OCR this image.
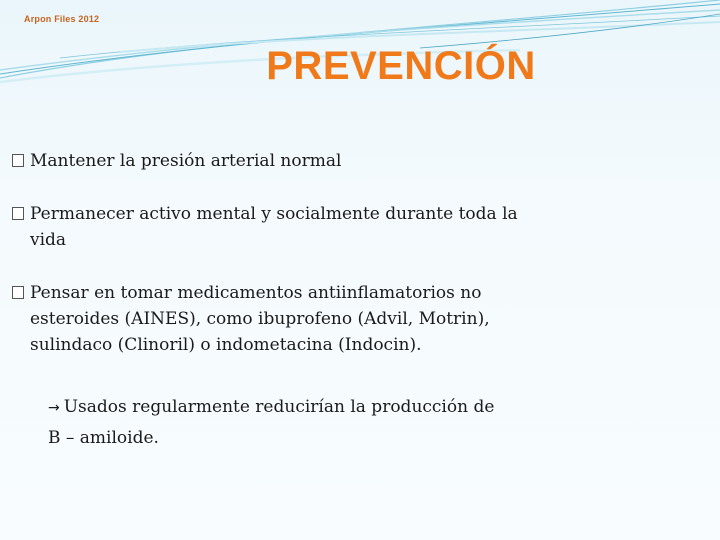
Arpon Files 2012
PREVENCIÓN
Mantener la presión arterial normal
Permanecer activo mental y socialmente durante toda la
vida
Pensar en tomar medicamentos antiinflamatorios no
esteroides (AINES), como ibuprofeno (Advil, Motrin),
sulindaco (Clinoril) o indometacina (Indocin).
→ Usados regularmente reducirían la producción de
B – amiloide.
